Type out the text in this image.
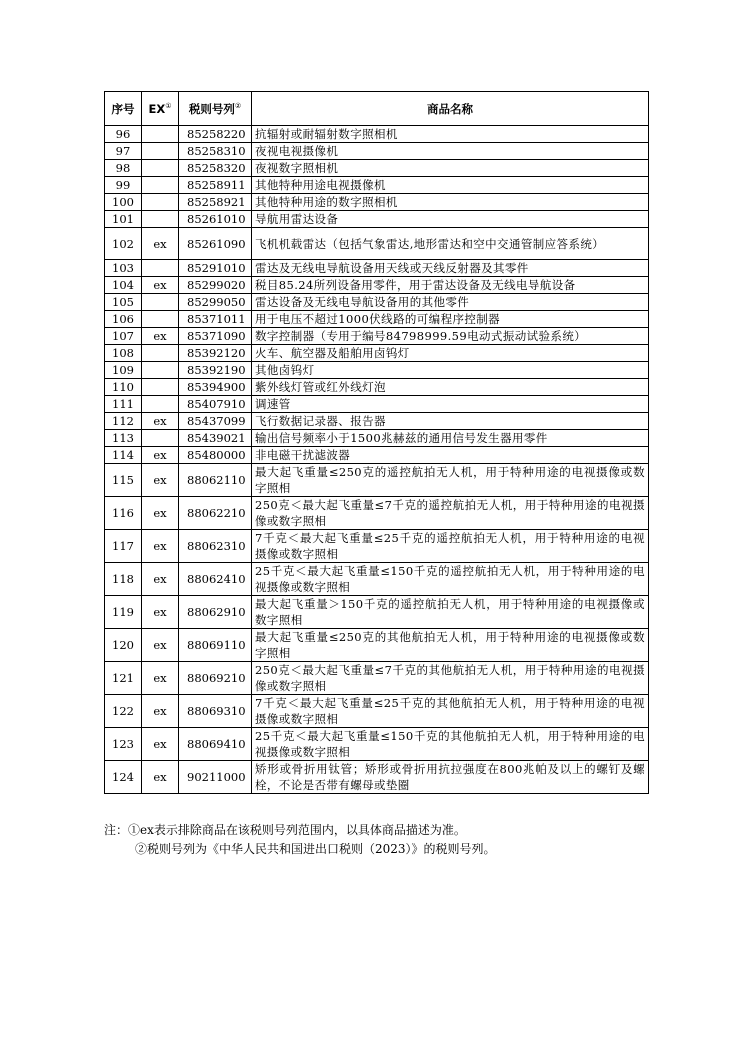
序号	EX①	税则号列②	商品名称
96		85258220	抗辐射或耐辐射数字照相机
97		85258310	夜视电视摄像机
98		85258320	夜视数字照相机
99		85258911	其他特种用途电视摄像机
100		85258921	其他特种用途的数字照相机
101		85261010	导航用雷达设备
102	ex	85261090	飞机机载雷达（包括气象雷达,地形雷达和空中交通管制应答系统）
103		85291010	雷达及无线电导航设备用天线或天线反射器及其零件
104	ex	85299020	税目85.24所列设备用零件，用于雷达设备及无线电导航设备
105		85299050	雷达设备及无线电导航设备用的其他零件
106		85371011	用于电压不超过1000伏线路的可编程序控制器
107	ex	85371090	数字控制器（专用于编号84798999.59电动式振动试验系统）
108		85392120	火车、航空器及船舶用卤钨灯
109		85392190	其他卤钨灯
110		85394900	紫外线灯管或红外线灯泡
111		85407910	调速管
112	ex	85437099	飞行数据记录器、报告器
113		85439021	输出信号频率小于1500兆赫兹的通用信号发生器用零件
114	ex	85480000	非电磁干扰滤波器
115	ex	88062110	最大起飞重量≤250克的遥控航拍无人机，用于特种用途的电视摄像或数字照相
116	ex	88062210	250克＜最大起飞重量≤7千克的遥控航拍无人机，用于特种用途的电视摄像或数字照相
117	ex	88062310	7千克＜最大起飞重量≤25千克的遥控航拍无人机，用于特种用途的电视摄像或数字照相
118	ex	88062410	25千克＜最大起飞重量≤150千克的遥控航拍无人机，用于特种用途的电视摄像或数字照相
119	ex	88062910	最大起飞重量＞150千克的遥控航拍无人机，用于特种用途的电视摄像或数字照相
120	ex	88069110	最大起飞重量≤250克的其他航拍无人机，用于特种用途的电视摄像或数字照相
121	ex	88069210	250克＜最大起飞重量≤7千克的其他航拍无人机，用于特种用途的电视摄像或数字照相
122	ex	88069310	7千克＜最大起飞重量≤25千克的其他航拍无人机，用于特种用途的电视摄像或数字照相
123	ex	88069410	25千克＜最大起飞重量≤150千克的其他航拍无人机，用于特种用途的电视摄像或数字照相
124	ex	90211000	矫形或骨折用钛管；矫形或骨折用抗拉强度在800兆帕及以上的螺钉及螺栓，不论是否带有螺母或垫圈
注：①ex表示排除商品在该税则号列范围内，以具体商品描述为准。
②税则号列为《中华人民共和国进出口税则（2023）》的税则号列。
